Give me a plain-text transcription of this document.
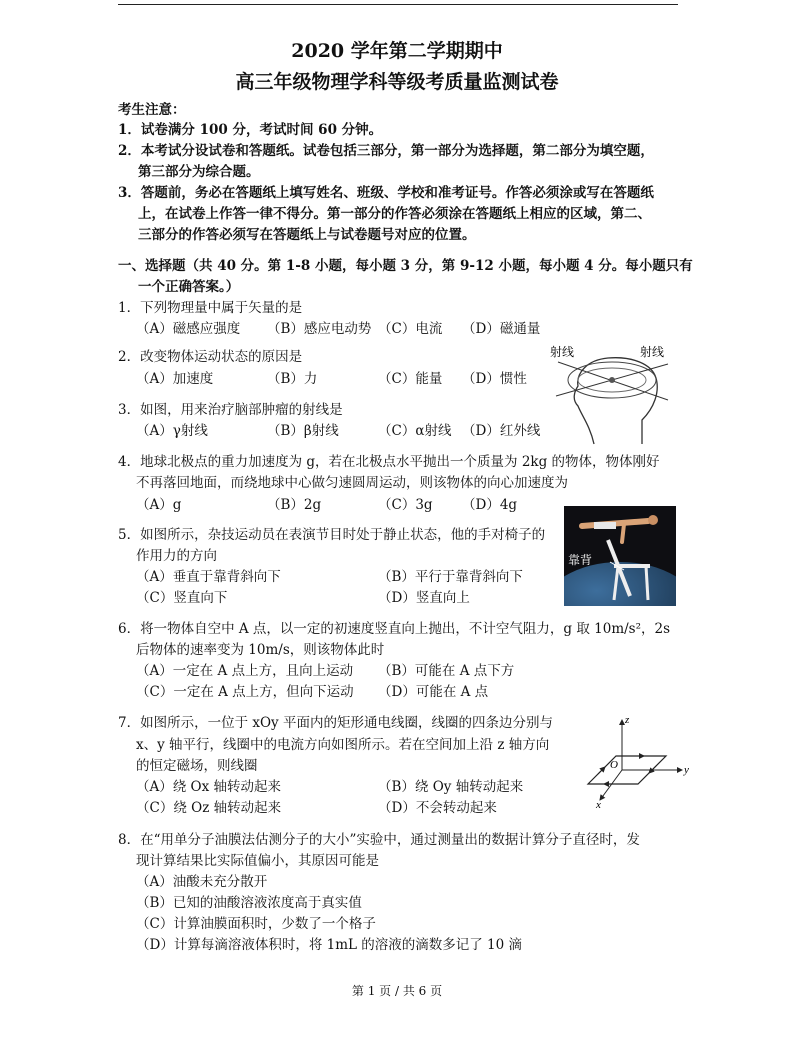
2020 学年第二学期期中
高三年级物理学科等级考质量监测试卷
考生注意：
1．试卷满分 100 分，考试时间 60 分钟。
2．本考试分设试卷和答题纸。试卷包括三部分，第一部分为选择题，第二部分为填空题，
第三部分为综合题。
3．答题前，务必在答题纸上填写姓名、班级、学校和准考证号。作答必须涂或写在答题纸
上，在试卷上作答一律不得分。第一部分的作答必须涂在答题纸上相应的区域，第二、
三部分的作答必须写在答题纸上与试卷题号对应的位置。
一、选择题（共 40 分。第 1-8 小题，每小题 3 分，第 9-12 小题，每小题 4 分。每小题只有
一个正确答案。）
1．下列物理量中属于矢量的是
（A）磁感应强度 （B）感应电动势 （C）电流 （D）磁通量
2．改变物体运动状态的原因是
（A）加速度	（B）力	（C）能量 （D）惯性
射线	射线
3．如图，用来治疗脑部肿瘤的射线是
（A）γ射线	（B）β射线	（C）α射线 （D）红外线
4．地球北极点的重力加速度为 g，若在北极点水平抛出一个质量为 2kg 的物体，物体刚好
不再落回地面，而绕地球中心做匀速圆周运动，则该物体的向心加速度为
（A）g	（B）2g	（C）3g （D）4g
靠背
5．如图所示，杂技运动员在表演节目时处于静止状态，他的手对椅子的
作用力的方向
（A）垂直于靠背斜向下	（B）平行于靠背斜向下
（C）竖直向下	（D）竖直向上
6．将一物体自空中 A 点，以一定的初速度竖直向上抛出，不计空气阻力，g 取 10m/s²，2s
后物体的速率变为 10m/s，则该物体此时
（A）一定在 A 点上方，且向上运动 （B）可能在 A 点下方
（C）一定在 A 点上方，但向下运动 （D）可能在 A 点
z
y
x
O
7．如图所示，一位于 xOy 平面内的矩形通电线圈，线圈的四条边分别与
x、y 轴平行，线圈中的电流方向如图所示。若在空间加上沿 z 轴方向
的恒定磁场，则线圈
（A）绕 Ox 轴转动起来	（B）绕 Oy 轴转动起来
（C）绕 Oz 轴转动起来	（D）不会转动起来
8．在“用单分子油膜法估测分子的大小”实验中，通过测量出的数据计算分子直径时，发
现计算结果比实际值偏小，其原因可能是
（A）油酸未充分散开
（B）已知的油酸溶液浓度高于真实值
（C）计算油膜面积时，少数了一个格子
（D）计算每滴溶液体积时，将 1mL 的溶液的滴数多记了 10 滴
第 1 页 / 共 6 页
